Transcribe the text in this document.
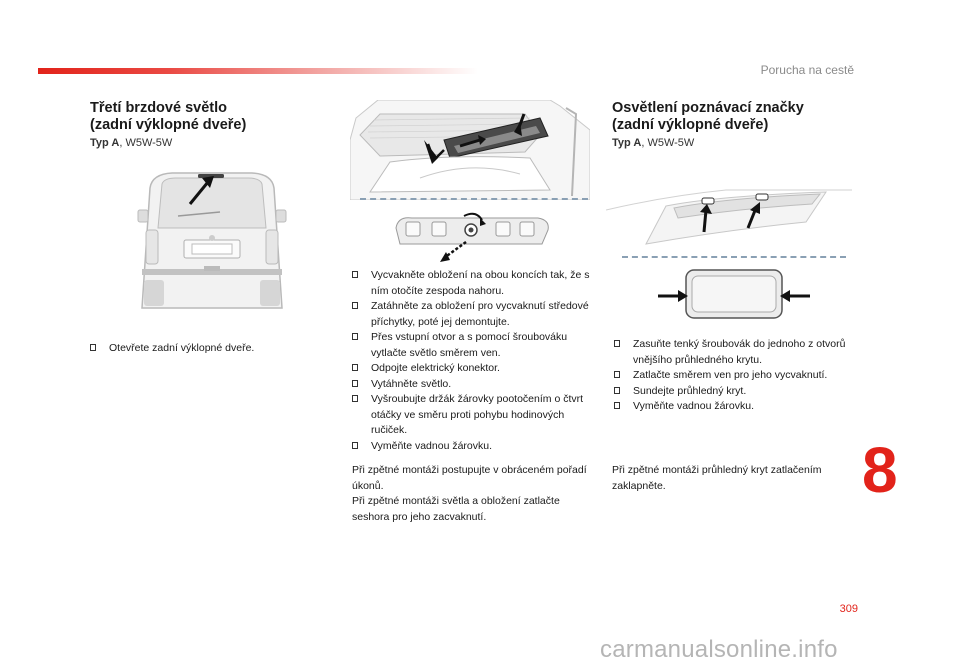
Porucha na cestě
8
309
Třetí brzdové světlo
(zadní výklopné dveře)
Typ A, W5W-5W
Otevřete zadní výklopné dveře.
Vycvakněte obložení na obou koncích tak, že s ním otočíte zespoda nahoru.
Zatáhněte za obložení pro vycvaknutí středové příchytky, poté jej demontujte.
Přes vstupní otvor a s pomocí šroubováku vytlačte světlo směrem ven.
Odpojte elektrický konektor.
Vytáhněte světlo.
Vyšroubujte držák žárovky pootočením o čtvrt otáčky ve směru proti pohybu hodinových ručiček.
Vyměňte vadnou žárovku.

Při zpětné montáži postupujte v obráceném pořadí úkonů.

Při zpětné montáži světla a obložení zatlačte seshora pro jeho zacvaknutí.

Osvětlení poznávací značky
(zadní výklopné dveře)
Typ A, W5W-5W
Zasuňte tenký šroubovák do jednoho z otvorů vnějšího průhledného krytu.
Zatlačte směrem ven pro jeho vycvaknutí.
Sundejte průhledný kryt.
Vyměňte vadnou žárovku.

Při zpětné montáži průhledný kryt zatlačením zaklapněte.

carmanualsonline.info
